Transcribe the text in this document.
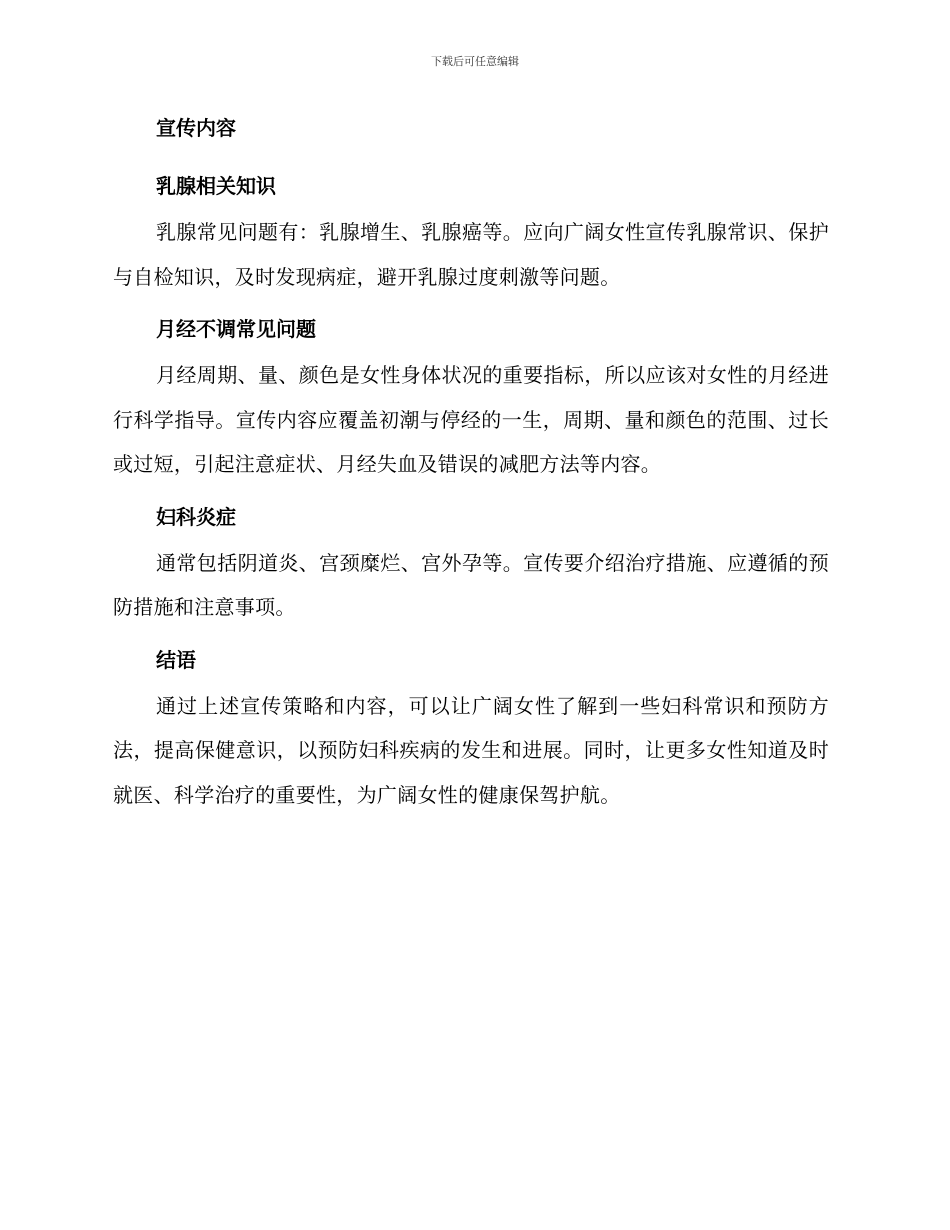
下载后可任意编辑
宣传内容
乳腺相关知识

乳腺常见问题有：乳腺增生、乳腺癌等。应向广阔女性宣传乳腺常识、保护与自检知识，及时发现病症，避开乳腺过度刺激等问题。

月经不调常见问题

月经周期、量、颜色是女性身体状况的重要指标，所以应该对女性的月经进行科学指导。宣传内容应覆盖初潮与停经的一生，周期、量和颜色的范围、过长或过短，引起注意症状、月经失血及错误的减肥方法等内容。

妇科炎症

通常包括阴道炎、宫颈糜烂、宫外孕等。宣传要介绍治疗措施、应遵循的预防措施和注意事项。

结语

通过上述宣传策略和内容，可以让广阔女性了解到一些妇科常识和预防方法，提高保健意识，以预防妇科疾病的发生和进展。同时，让更多女性知道及时就医、科学治疗的重要性，为广阔女性的健康保驾护航。
